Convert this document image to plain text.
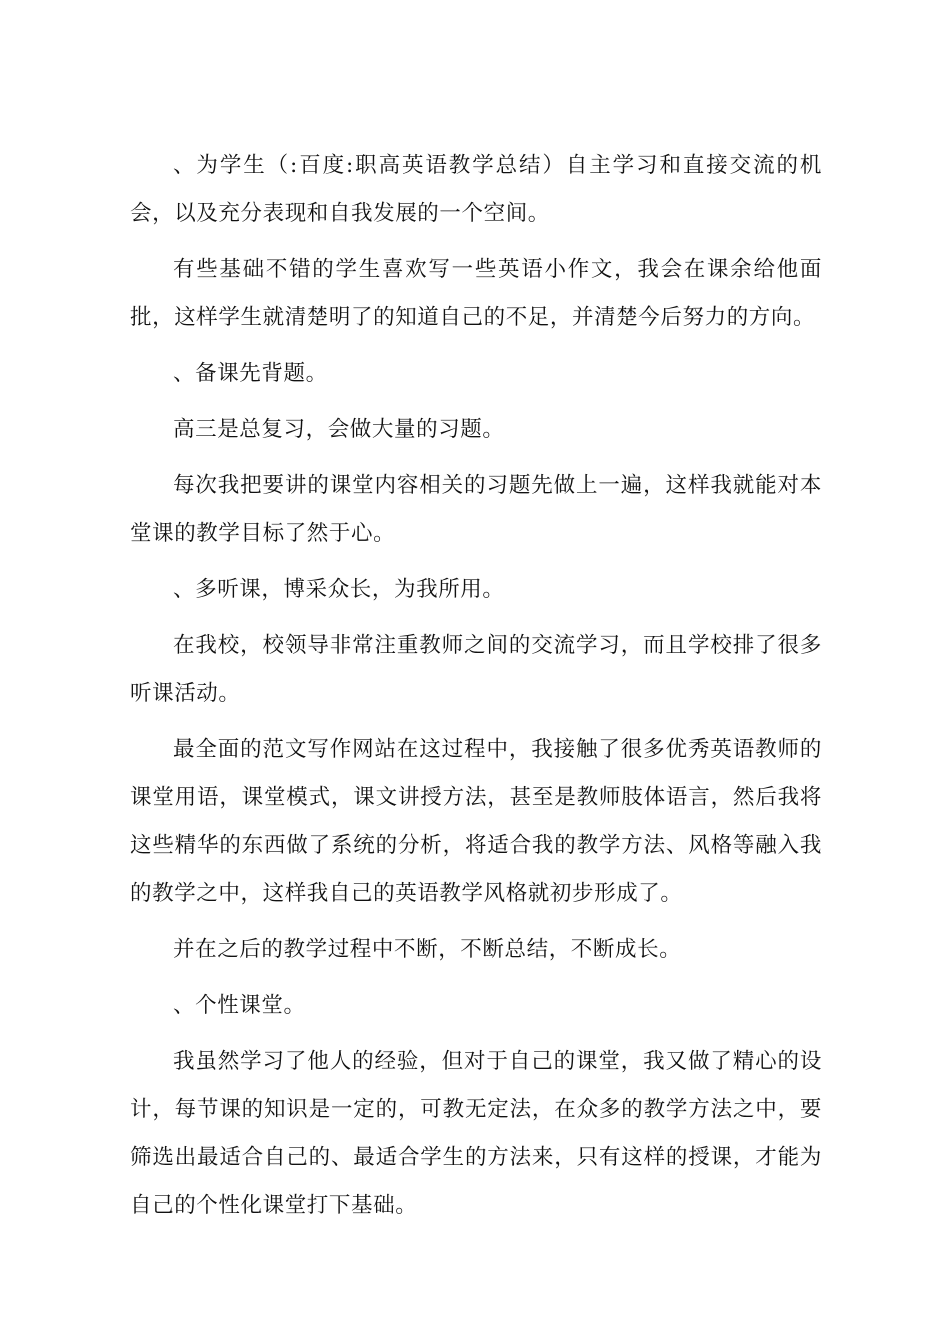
、为学生（:百度:职高英语教学总结）自主学习和直接交流的机会，以及充分表现和自我发展的一个空间。

有些基础不错的学生喜欢写一些英语小作文，我会在课余给他面批，这样学生就清楚明了的知道自己的不足，并清楚今后努力的方向。

、备课先背题。

高三是总复习，会做大量的习题。

每次我把要讲的课堂内容相关的习题先做上一遍，这样我就能对本堂课的教学目标了然于心。

、多听课，博采众长，为我所用。

在我校，校领导非常注重教师之间的交流学习，而且学校排了很多听课活动。

最全面的范文写作网站在这过程中，我接触了很多优秀英语教师的课堂用语，课堂模式，课文讲授方法，甚至是教师肢体语言，然后我将这些精华的东西做了系统的分析，将适合我的教学方法、风格等融入我的教学之中，这样我自己的英语教学风格就初步形成了。

并在之后的教学过程中不断，不断总结，不断成长。

、个性课堂。

我虽然学习了他人的经验，但对于自己的课堂，我又做了精心的设计，每节课的知识是一定的，可教无定法，在众多的教学方法之中，要筛选出最适合自己的、最适合学生的方法来，只有这样的授课，才能为自己的个性化课堂打下基础。
